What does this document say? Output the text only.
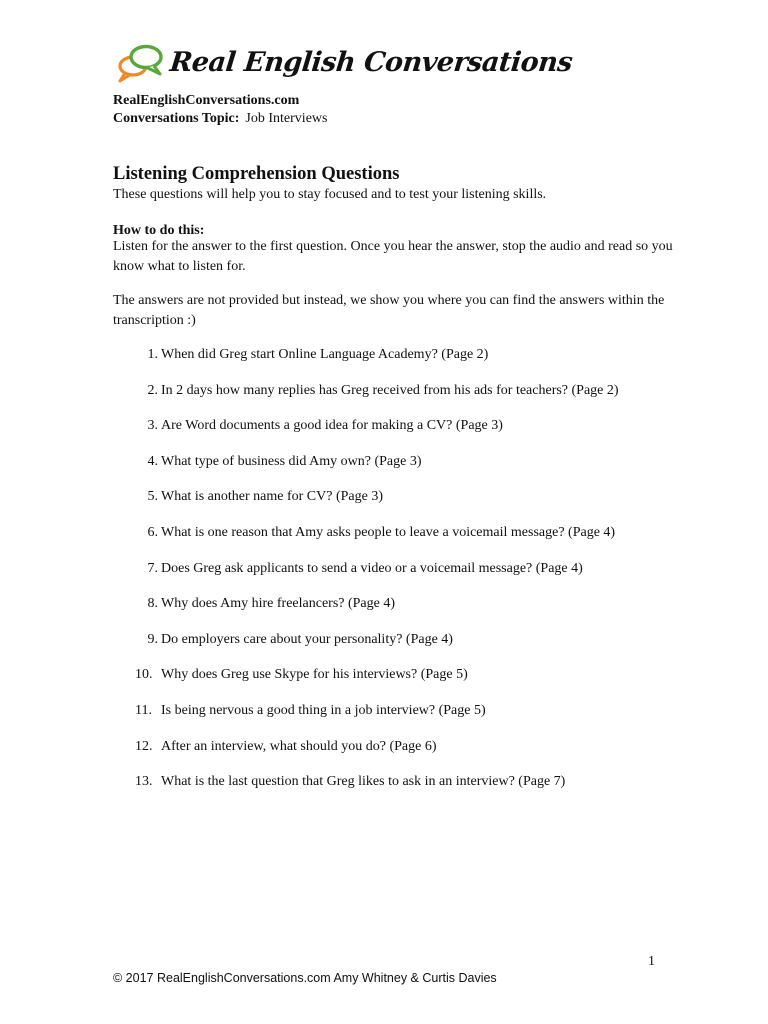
Real English Conversations
RealEnglishConversations.com
Conversations Topic: Job Interviews
Listening Comprehension Questions
These questions will help you to stay focused and to test your listening skills.
How to do this:
Listen for the answer to the first question. Once you hear the answer, stop the audio and read so you know what to listen for.
The answers are not provided but instead, we show you where you can find the answers within the transcription :)
1. When did Greg start Online Language Academy? (Page 2)
2. In 2 days how many replies has Greg received from his ads for teachers? (Page 2)
3. Are Word documents a good idea for making a CV? (Page 3)
4. What type of business did Amy own? (Page 3)
5. What is another name for CV? (Page 3)
6. What is one reason that Amy asks people to leave a voicemail message? (Page 4)
7. Does Greg ask applicants to send a video or a voicemail message? (Page 4)
8. Why does Amy hire freelancers? (Page 4)
9. Do employers care about your personality? (Page 4)
10. Why does Greg use Skype for his interviews? (Page 5)
11. Is being nervous a good thing in a job interview? (Page 5)
12. After an interview, what should you do? (Page 6)
13. What is the last question that Greg likes to ask in an interview? (Page 7)
1
© 2017 RealEnglishConversations.com Amy Whitney & Curtis Davies
